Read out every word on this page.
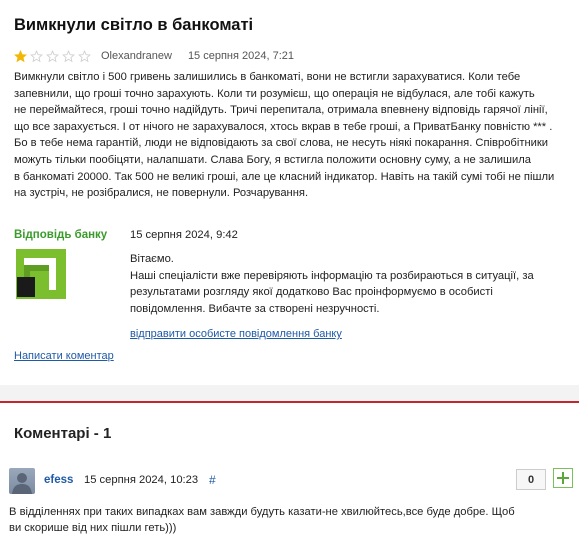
Вимкнули світло в банкоматі
Olexandranew 15 серпня 2024, 7:21
Вимкнули світло і 500 гривень залишились в банкоматі, вони не встигли зарахуватися. Коли тебе
запевнили, що гроші точно зарахують. Коли ти розумієш, що операція не відбулася, але тобі кажуть
не переймайтеся, гроші точно надійдуть. Тричі перепитала, отримала впевнену відповідь гарячої лінії,
що все зарахується. І от нічого не зарахувалося, хтось вкрав в тебе гроші, а ПриватБанку повністю *** .
Бо в тебе нема гарантій, люди не відповідають за свої слова, не несуть ніякі покарання. Співробітники
можуть тільки пообіцяти, налапшати. Слава Богу, я встигла положити основну суму, а не залишила
в банкоматі 20000. Так 500 не великі гроші, але це класний індикатор. Навіть на такій сумі тобі не пішли
на зустріч, не розібралися, не повернули. Розчарування.
Відповідь банку 15 серпня 2024, 9:42
Вітаємо.
Наші спеціалісти вже перевіряють інформацію та розбираються в ситуації, за
результатами розгляду якої додатково Вас проінформуємо в особисті
повідомлення. Вибачте за створені незручності.
відправити особисте повідомлення банку
Написати коментар
Коментарі - 1
efess 15 серпня 2024, 10:23 #	0
В відділеннях при таких випадках вам завжди будуть казати-не хвилюйтесь,все буде добре. Щоб
ви скорише від них пішли геть)))
